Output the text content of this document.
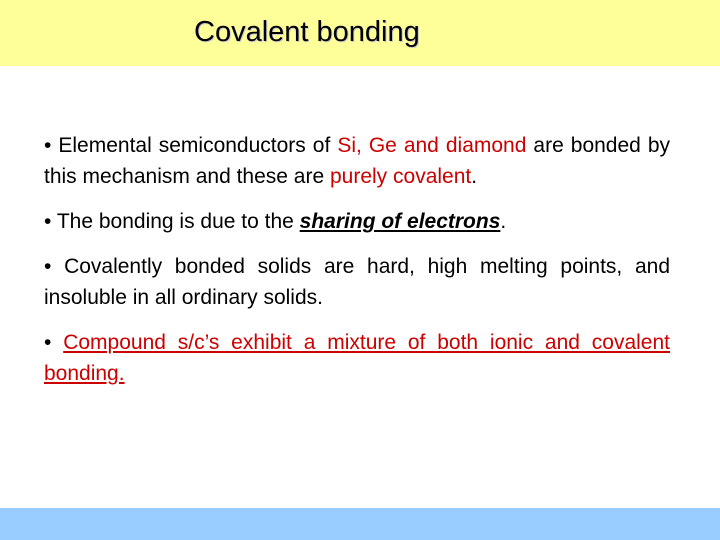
Covalent bonding

• Elemental semiconductors of Si, Ge and diamond are bonded by this mechanism and these are purely covalent.

• The bonding is due to the sharing of electrons.

• Covalently bonded solids are hard, high melting points, and insoluble in all ordinary solids.

• Compound s/c’s exhibit a mixture of both ionic and covalent bonding.
